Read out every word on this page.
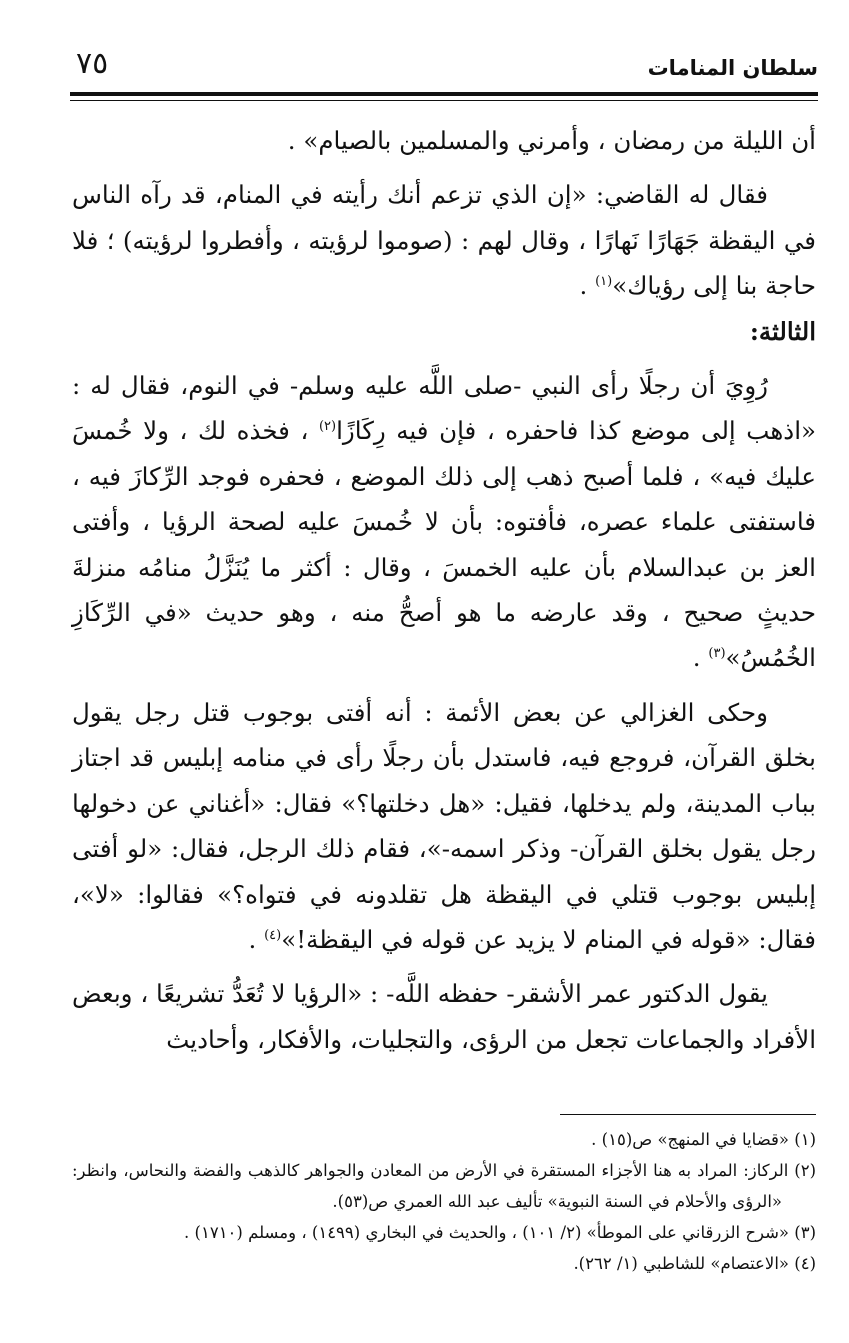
سلطان المنامات
٧٥

أن الليلة من رمضان ، وأمرني والمسلمين بالصيام» .

فقال له القاضي: «إن الذي تزعم أنك رأيته في المنام، قد رآه الناس في اليقظة جَهَارًا نَهارًا ، وقال لهم : (صوموا لرؤيته ، وأفطروا لرؤيته) ؛ فلا حاجة بنا إلى رؤياك»$^{(١)}$ .

الثالثة:

رُوِيَ أن رجلًا رأى النبي -صلى اللَّه عليه وسلم- في النوم، فقال له : «اذهب إلى موضع كذا فاحفره ، فإن فيه رِكَازًا$^{(٢)}$ ، فخذه لك ، ولا خُمسَ عليك فيه» ، فلما أصبح ذهب إلى ذلك الموضع ، فحفره فوجد الرِّكازَ فيه ، فاستفتى علماء عصره، فأفتوه: بأن لا خُمسَ عليه لصحة الرؤيا ، وأفتى العز بن عبدالسلام بأن عليه الخمسَ ، وقال : أكثر ما يُنَزَّلُ منامُه منزلةَ حديثٍ صحيح ، وقد عارضه ما هو أصحُّ منه ، وهو حديث «في الرِّكَازِ الخُمُسُ»$^{(٣)}$ .

وحكى الغزالي عن بعض الأئمة : أنه أفتى بوجوب قتل رجل يقول بخلق القرآن، فروجع فيه، فاستدل بأن رجلًا رأى في منامه إبليس قد اجتاز بباب المدينة، ولم يدخلها، فقيل: «هل دخلتها؟» فقال: «أغناني عن دخولها رجل يقول بخلق القرآن- وذكر اسمه-»، فقام ذلك الرجل، فقال: «لو أفتى إبليس بوجوب قتلي في اليقظة هل تقلدونه في فتواه؟» فقالوا: «لا»، فقال: «قوله في المنام لا يزيد عن قوله في اليقظة!»$^{(٤)}$ .

يقول الدكتور عمر الأشقر- حفظه اللَّه- : «الرؤيا لا تُعَدُّ تشريعًا ، وبعض الأفراد والجماعات تجعل من الرؤى، والتجليات، والأفكار، وأحاديث

(١) «قضايا في المنهج» ص(١٥) .

(٢) الركاز: المراد به هنا الأجزاء المستقرة في الأرض من المعادن والجواهر كالذهب والفضة والنحاس، وانظر: «الرؤى والأحلام في السنة النبوية» تأليف عبد الله العمري ص(٥٣).

(٣) «شرح الزرقاني على الموطأ» (٢/ ١٠١) ، والحديث في البخاري (١٤٩٩) ، ومسلم (١٧١٠) .

(٤) «الاعتصام» للشاطبي (١/ ٢٦٢).
